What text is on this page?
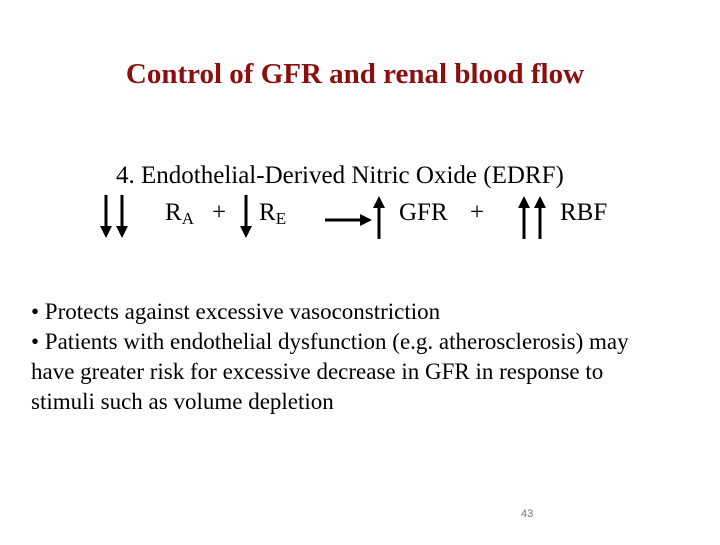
Control of GFR and renal blood flow
4. Endothelial-Derived Nitric Oxide (EDRF)
$R_A + R_E$	GFR +	RBF

• Protects against excessive vasoconstriction

• Patients with endothelial dysfunction (e.g. atherosclerosis) may have greater risk for excessive decrease in GFR in response to stimuli such as volume depletion

43
